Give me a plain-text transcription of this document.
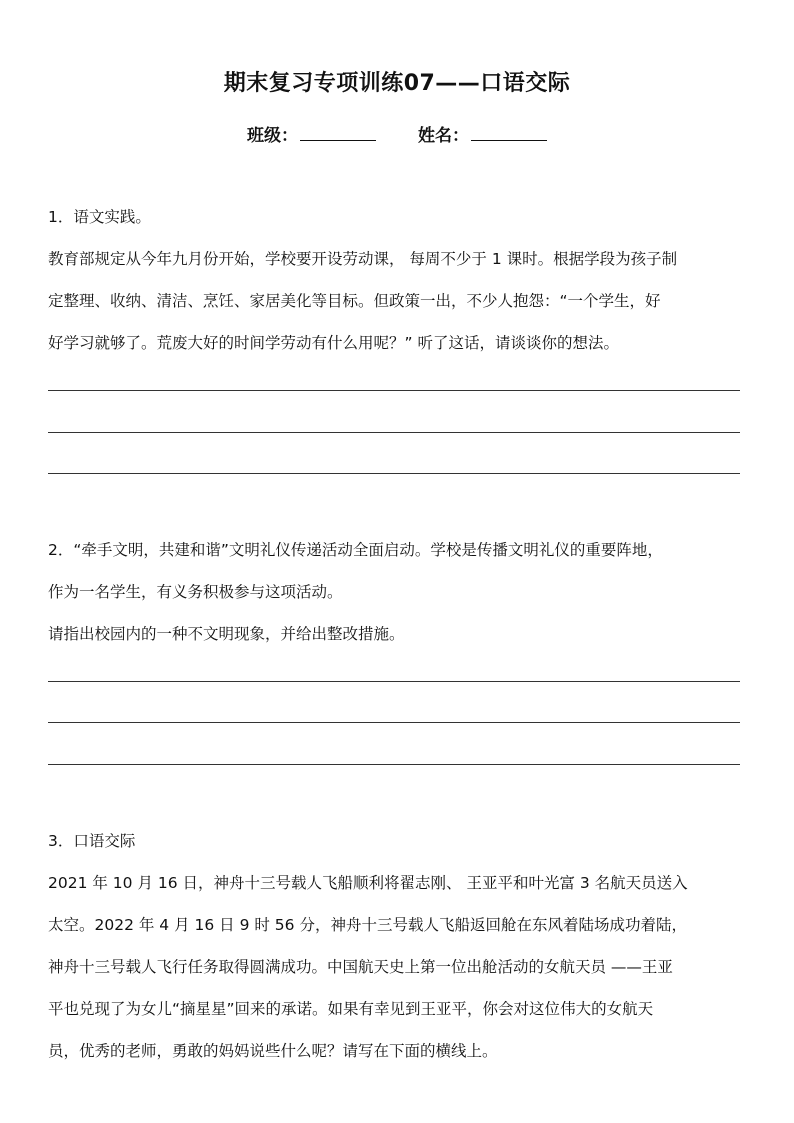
期末复习专项训练07——口语交际
班级：	姓名：
1．语文实践。
教育部规定从今年九月份开始，学校要开设劳动课， 每周不少于 1 课时。根据学段为孩子制
定整理、收纳、清洁、烹饪、家居美化等目标。但政策一出，不少人抱怨：“一个学生，好
好学习就够了。荒废大好的时间学劳动有什么用呢？” 听了这话，请谈谈你的想法。
2．“牵手文明，共建和谐”文明礼仪传递活动全面启动。学校是传播文明礼仪的重要阵地，
作为一名学生，有义务积极参与这项活动。
请指出校园内的一种不文明现象，并给出整改措施。
3．口语交际
2021 年 10 月 16 日，神舟十三号载人飞船顺利将翟志刚、 王亚平和叶光富 3 名航天员送入
太空。2022 年 4 月 16 日 9 时 56 分，神舟十三号载人飞船返回舱在东风着陆场成功着陆，
神舟十三号载人飞行任务取得圆满成功。中国航天史上第一位出舱活动的女航天员 ——王亚
平也兑现了为女儿“摘星星”回来的承诺。如果有幸见到王亚平，你会对这位伟大的女航天
员，优秀的老师，勇敢的妈妈说些什么呢？请写在下面的横线上。
